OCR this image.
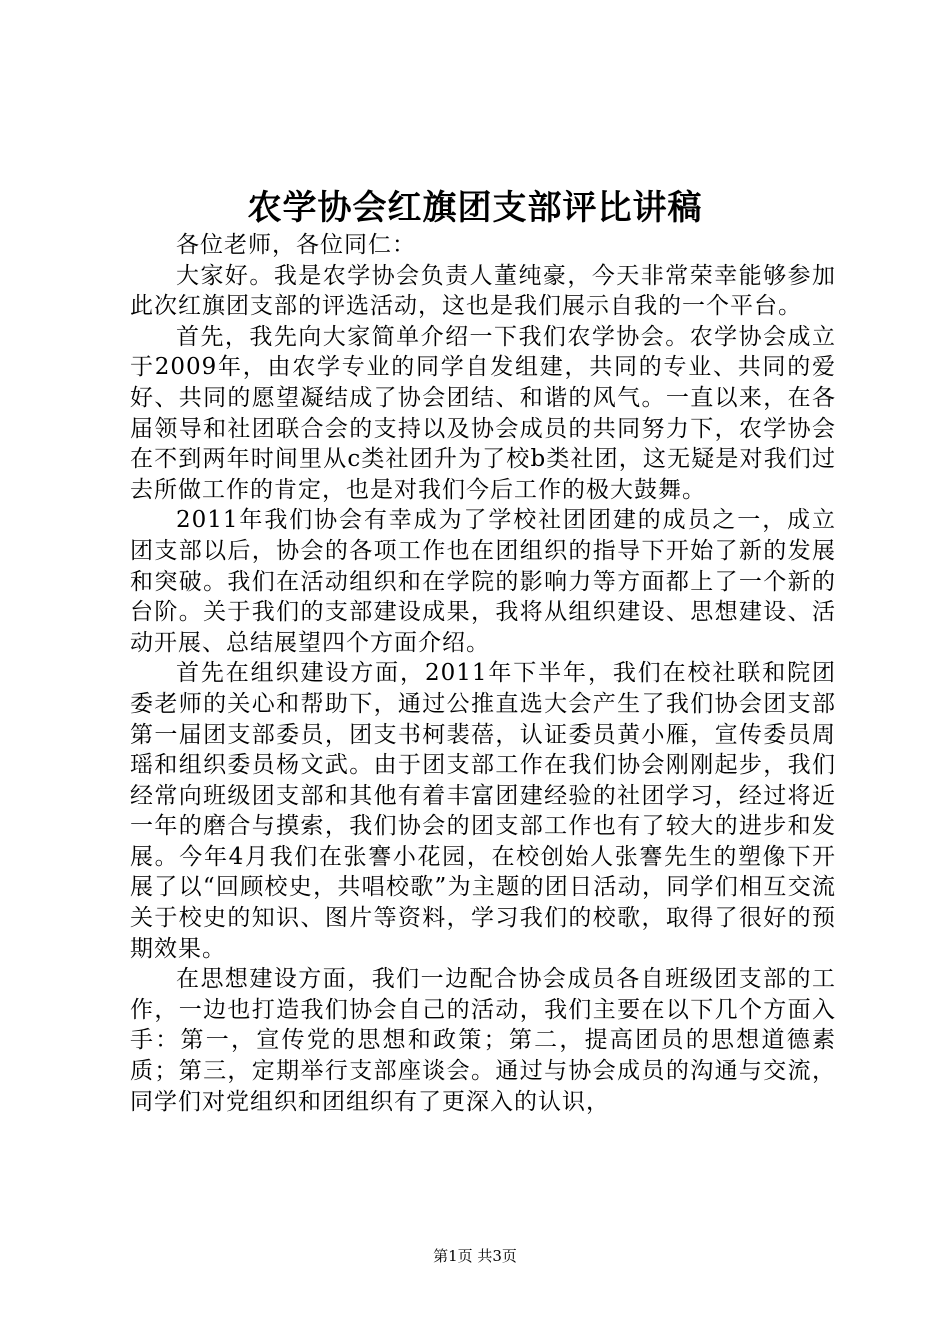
农学协会红旗团支部评比讲稿

各位老师，各位同仁：

大家好。我是农学协会负责人董纯豪，今天非常荣幸能够参加此次红旗团支部的评选活动，这也是我们展示自我的一个平台。

首先，我先向大家简单介绍一下我们农学协会。农学协会成立于2009年，由农学专业的同学自发组建，共同的专业、共同的爱好、共同的愿望凝结成了协会团结、和谐的风气。一直以来，在各届领导和社团联合会的支持以及协会成员的共同努力下，农学协会在不到两年时间里从c类社团升为了校b类社团，这无疑是对我们过去所做工作的肯定，也是对我们今后工作的极大鼓舞。

2011年我们协会有幸成为了学校社团团建的成员之一，成立团支部以后，协会的各项工作也在团组织的指导下开始了新的发展和突破。我们在活动组织和在学院的影响力等方面都上了一个新的台阶。关于我们的支部建设成果，我将从组织建设、思想建设、活动开展、总结展望四个方面介绍。

首先在组织建设方面，2011年下半年，我们在校社联和院团委老师的关心和帮助下，通过公推直选大会产生了我们协会团支部第一届团支部委员，团支书柯裴蓓，认证委员黄小雁，宣传委员周瑶和组织委员杨文武。由于团支部工作在我们协会刚刚起步，我们经常向班级团支部和其他有着丰富团建经验的社团学习，经过将近一年的磨合与摸索，我们协会的团支部工作也有了较大的进步和发展。今年4月我们在张謇小花园，在校创始人张謇先生的塑像下开展了以“回顾校史，共唱校歌”为主题的团日活动，同学们相互交流关于校史的知识、图片等资料，学习我们的校歌，取得了很好的预期效果。

在思想建设方面，我们一边配合协会成员各自班级团支部的工作，一边也打造我们协会自己的活动，我们主要在以下几个方面入手：第一，宣传党的思想和政策；第二，提高团员的思想道德素质；第三，定期举行支部座谈会。通过与协会成员的沟通与交流，同学们对党组织和团组织有了更深入的认识，

第1页 共3页
